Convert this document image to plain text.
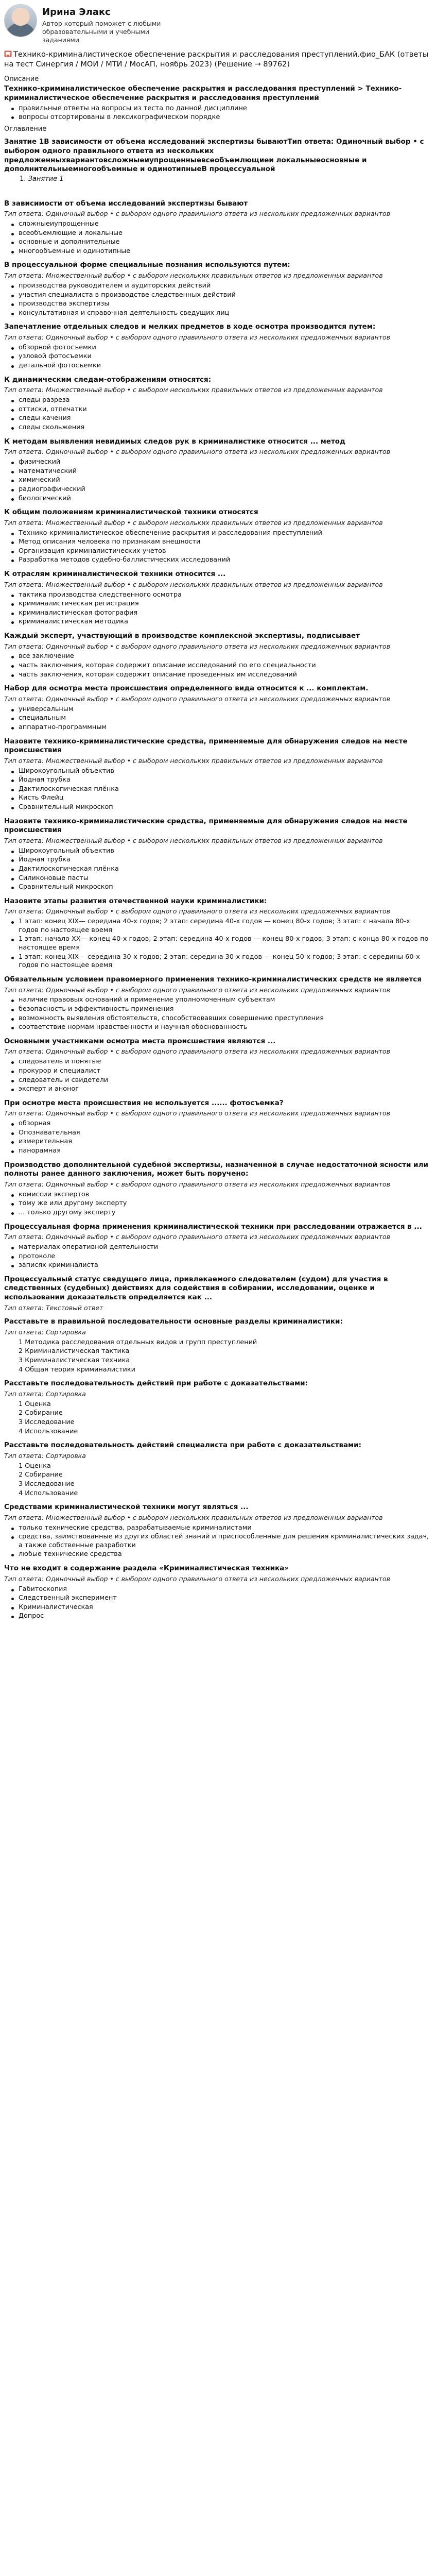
Ирина Элакс
Автор который поможет с любыми образовательными и учебными заданиями
Технико-криминалистическое обеспечение раскрытия и расследования преступлений.фио_БАК (ответы на тест Синергия / МОИ / МТИ / МосАП, ноябрь 2023) (Решение → 89762)
Описание
Технико-криминалистическое обеспечение раскрытия и расследования преступлений > Технико-криминалистическое обеспечение раскрытия и расследования преступлений
правильные ответы на вопросы из теста по данной дисциплине
вопросы отсортированы в лексикографическом порядке
Оглавление
Занятие 1В зависимости от объема исследований экспертизы бываютТип ответа: Одиночный выбор • с выбором одного правильного ответа из нескольких предложенныхвариантовсложныеиупрощенныевсеобъемлющиеи локальныеосновные и дополнительныемногообъемные и одинотипныеВ процессуальной
1. Занятие 1
В зависимости от объема исследований экспертизы бывают
Тип ответа: Одиночный выбор • с выбором одного правильного ответа из нескольких предложенных вариантов
сложныеиупрощенные
всеобъемлющие и локальные
основные и дополнительные
многообъемные и одинотипные
В процессуальной форме специальные познания используются путем:
Тип ответа: Множественный выбор • с выбором нескольких правильных ответов из предложенных вариантов
производства руководителем и аудиторских действий
участия специалиста в производстве следственных действий
производства экспертизы
консультативная и справочная деятельность сведущих лиц
Запечатление отдельных следов и мелких предметов в ходе осмотра производится путем:
Тип ответа: Одиночный выбор • с выбором одного правильного ответа из нескольких предложенных вариантов
обзорной фотосъемки
узловой фотосъемки
детальной фотосъемки
К динамическим следам-отображениям относятся:
Тип ответа: Множественный выбор • с выбором нескольких правильных ответов из предложенных вариантов
следы разреза
оттиски, отпечатки
следы качения
следы скольжения
К методам выявления невидимых следов рук в криминалистике относится ... метод
Тип ответа: Одиночный выбор • с выбором одного правильного ответа из нескольких предложенных вариантов
физический
математический
химический
радиографический
биологический
К общим положениям криминалистической техники относятся
Тип ответа: Множественный выбор • с выбором нескольких правильных ответов из предложенных вариантов
Технико-криминалистическое обеспечение раскрытия и расследования преступлений
Метод описания человека по признакам внешности
Организация криминалистических учетов
Разработка методов судебно-баллистических исследований
К отраслям криминалистической техники относится ...
Тип ответа: Множественный выбор • с выбором нескольких правильных ответов из предложенных вариантов
тактика производства следственного осмотра
криминалистическая регистрация
криминалистическая фотография
криминалистическая методика
Каждый эксперт, участвующий в производстве комплексной экспертизы, подписывает
Тип ответа: Одиночный выбор • с выбором одного правильного ответа из нескольких предложенных вариантов
все заключение
часть заключения, которая содержит описание исследований по его специальности
часть заключения, которая содержит описание проведенных им исследований
Набор для осмотра места происшествия определенного вида относится к ... комплектам.
Тип ответа: Одиночный выбор • с выбором одного правильного ответа из нескольких предложенных вариантов
универсальным
специальным
аппаратно-программным
Назовите технико-криминалистические средства, применяемые для обнаружения следов на месте происшествия
Тип ответа: Множественный выбор • с выбором нескольких правильных ответов из предложенных вариантов
Широкоугольный объектив
Йодная трубка
Дактилоскопическая плёнка
Кисть Флейц
Сравнительный микроскоп
Назовите технико-криминалистические средства, применяемые для обнаружения следов на месте происшествия
Тип ответа: Множественный выбор • с выбором нескольких правильных ответов из предложенных вариантов
Широкоугольный объектив
Йодная трубка
Дактилоскопическая плёнка
Силиконовые пасты
Сравнительный микроскоп
Назовите этапы развития отечественной науки криминалистики:
Тип ответа: Одиночный выбор • с выбором одного правильного ответа из нескольких предложенных вариантов
1 этап: конец XIX— середина 40-х годов; 2 этап: середина 40-х годов — конец 80-х годов; 3 этап: с начала 80-х годов по настоящее время
1 этап: начало XX— конец 40-х годов; 2 этап: середина 40-х годов — конец 80-х годов; 3 этап: с конца 80-х годов по настоящее время
1 этап: конец XIX— середина 30-х годов; 2 этап: середина 30-х годов — конец 50-х годов; 3 этап: с середины 60-х годов по настоящее время
Обязательным условием правомерного применения технико-криминалистических средств не является
Тип ответа: Одиночный выбор • с выбором одного правильного ответа из нескольких предложенных вариантов
наличие правовых оснований и применение уполномоченным субъектам
безопасность и эффективность применения
возможность выявления обстоятельств, способствовавших совершению преступления
соответствие нормам нравственности и научная обоснованность
Основными участниками осмотра места происшествия являются ...
Тип ответа: Одиночный выбор • с выбором одного правильного ответа из нескольких предложенных вариантов
следователь и понятые
прокурор и специалист
следователь и свидетели
эксперт и аноног
При осмотре места происшествия не используется ...... фотосъемка?
Тип ответа: Одиночный выбор • с выбором одного правильного ответа из нескольких предложенных вариантов
обзорная
Опознавательная
измерительная
панорамная
Производство дополнительной судебной экспертизы, назначенной в случае недостаточной ясности или полноты ранее данного заключения, может быть поручено:
Тип ответа: Одиночный выбор • с выбором одного правильного ответа из нескольких предложенных вариантов
комиссии экспертов
тому же или другому эксперту
... только другому эксперту
Процессуальная форма применения криминалистической техники при расследовании отражается в ...
Тип ответа: Одиночный выбор • с выбором одного правильного ответа из нескольких предложенных вариантов
материалах оперативной деятельности
протоколе
записях криминалиста
Процессуальный статус сведущего лица, привлекаемого следователем (судом) для участия в следственных (судебных) действиях для содействия в собирании, исследовании, оценке и использовании доказательств определяется как ...
Тип ответа: Текстовый ответ
Расставьте в правильной последовательности основные разделы криминалистики:
Тип ответа: Сортировка
1 Методика расследования отдельных видов и групп преступлений
2 Криминалистическая тактика
3 Криминалистическая техника
4 Общая теория криминалистики
Расставьте последовательность действий при работе с доказательствами:
Тип ответа: Сортировка
1 Оценка
2 Собирание
3 Исследование
4 Использование
Расставьте последовательность действий специалиста при работе с доказательствами:
Тип ответа: Сортировка
1 Оценка
2 Собирание
3 Исследование
4 Использование
Средствами криминалистической техники могут являться ...
Тип ответа: Множественный выбор • с выбором нескольких правильных ответов из предложенных вариантов
только технические средства, разрабатываемые криминалистами
средства, заимствованные из других областей знаний и приспособленные для решения криминалистических задач, а также собственные разработки
любые технические средства
Что не входит в содержание раздела «Криминалистическая техника»
Тип ответа: Одиночный выбор • с выбором одного правильного ответа из нескольких предложенных вариантов
Габитоскопия
Следственный эксперимент
Криминалистическая
Допрос
